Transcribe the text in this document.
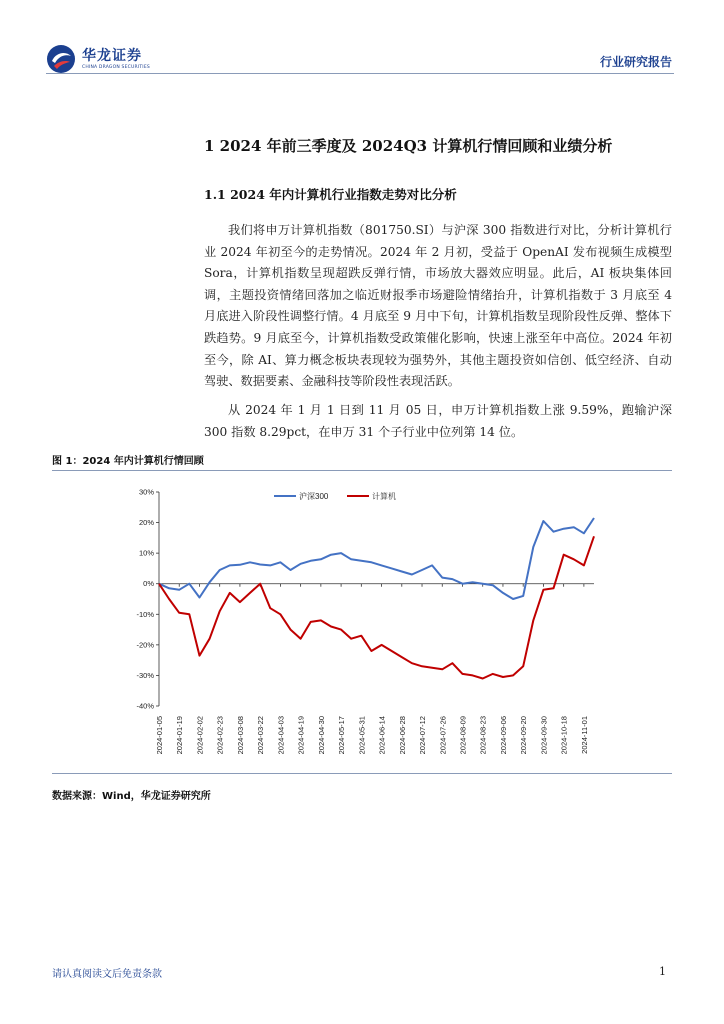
华龙证券
CHINA DRAGON SECURITIES	行业研究报告
1 2024 年前三季度及 2024Q3 计算机行情回顾和业绩分析
1.1 2024 年内计算机行业指数走势对比分析

我们将申万计算机指数（801750.SI）与沪深 300 指数进行对比，分析计算机行业 2024 年初至今的走势情况。2024 年 2 月初，受益于 OpenAI 发布视频生成模型 Sora，计算机指数呈现超跌反弹行情，市场放大器效应明显。此后，AI 板块集体回调，主题投资情绪回落加之临近财报季市场避险情绪抬升，计算机指数于 3 月底至 4 月底进入阶段性调整行情。4 月底至 9 月中下旬，计算机指数呈现阶段性反弹、整体下跌趋势。9 月底至今，计算机指数受政策催化影响，快速上涨至年中高位。2024 年初至今，除 AI、算力概念板块表现较为强势外，其他主题投资如信创、低空经济、自动驾驶、数据要素、金融科技等阶段性表现活跃。

从 2024 年 1 月 1 日到 11 月 05 日，申万计算机指数上涨 9.59%，跑输沪深 300 指数 8.29pct，在申万 31 个子行业中位列第 14 位。

图 1：2024 年内计算机行情回顾
沪深300	计算机
30%
20%
10%
0%
-10%
-20%
-30%
-40%
2024-01-05 2024-01-19 2024-02-02 2024-02-23 2024-03-08 2024-03-22 2024-04-03 2024-04-19 2024-04-30 2024-05-17 2024-05-31 2024-06-14 2024-06-28 2024-07-12 2024-07-26 2024-08-09 2024-08-23 2024-09-06 2024-09-20 2024-09-30 2024-10-18 2024-11-01
数据来源：Wind，华龙证券研究所
请认真阅读文后免责条款	1
